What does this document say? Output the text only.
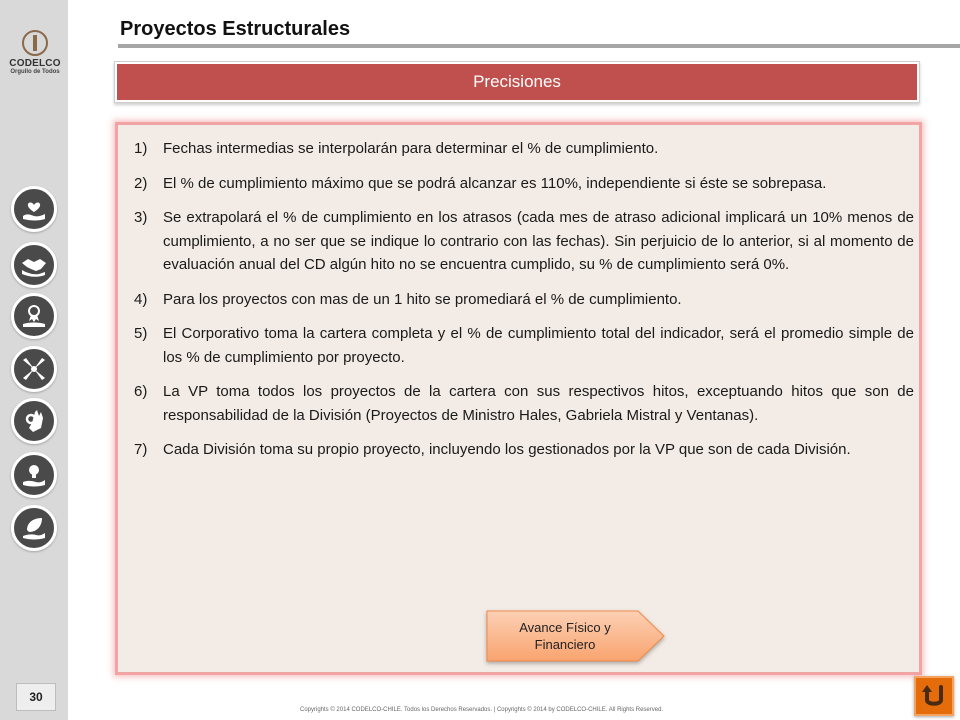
CODELCO
Orgullo de Todos
30
Proyectos Estructurales
Precisiones
1)	Fechas intermedias se interpolarán para determinar el % de cumplimiento.
2)	El % de cumplimiento máximo que se podrá alcanzar es 110%, independiente si éste se sobrepasa.
3)	Se extrapolará el % de cumplimiento en los atrasos (cada mes de atraso adicional implicará un 10% menos de cumplimiento, a no ser que se indique lo contrario con las fechas). Sin perjuicio de lo anterior, si al momento de evaluación anual del CD algún hito no se encuentra cumplido, su % de cumplimiento será 0%.
4)	Para los proyectos con mas de un 1 hito se promediará el % de cumplimiento.
5)	El Corporativo toma la cartera completa y el % de cumplimiento total del indicador, será el promedio simple de los % de cumplimiento por proyecto.
6)	La VP toma todos los proyectos de la cartera con sus respectivos hitos, exceptuando hitos que son de responsabilidad de la División (Proyectos de Ministro Hales, Gabriela Mistral y Ventanas).
7)	Cada División toma su propio proyecto, incluyendo los gestionados por la VP que son de cada División.
Avance Físico y
Financiero
Copyrights © 2014 CODELCO-CHILE. Todos los Derechos Reservados. | Copyrights © 2014 by CODELCO-CHILE. All Rights Reserved.
